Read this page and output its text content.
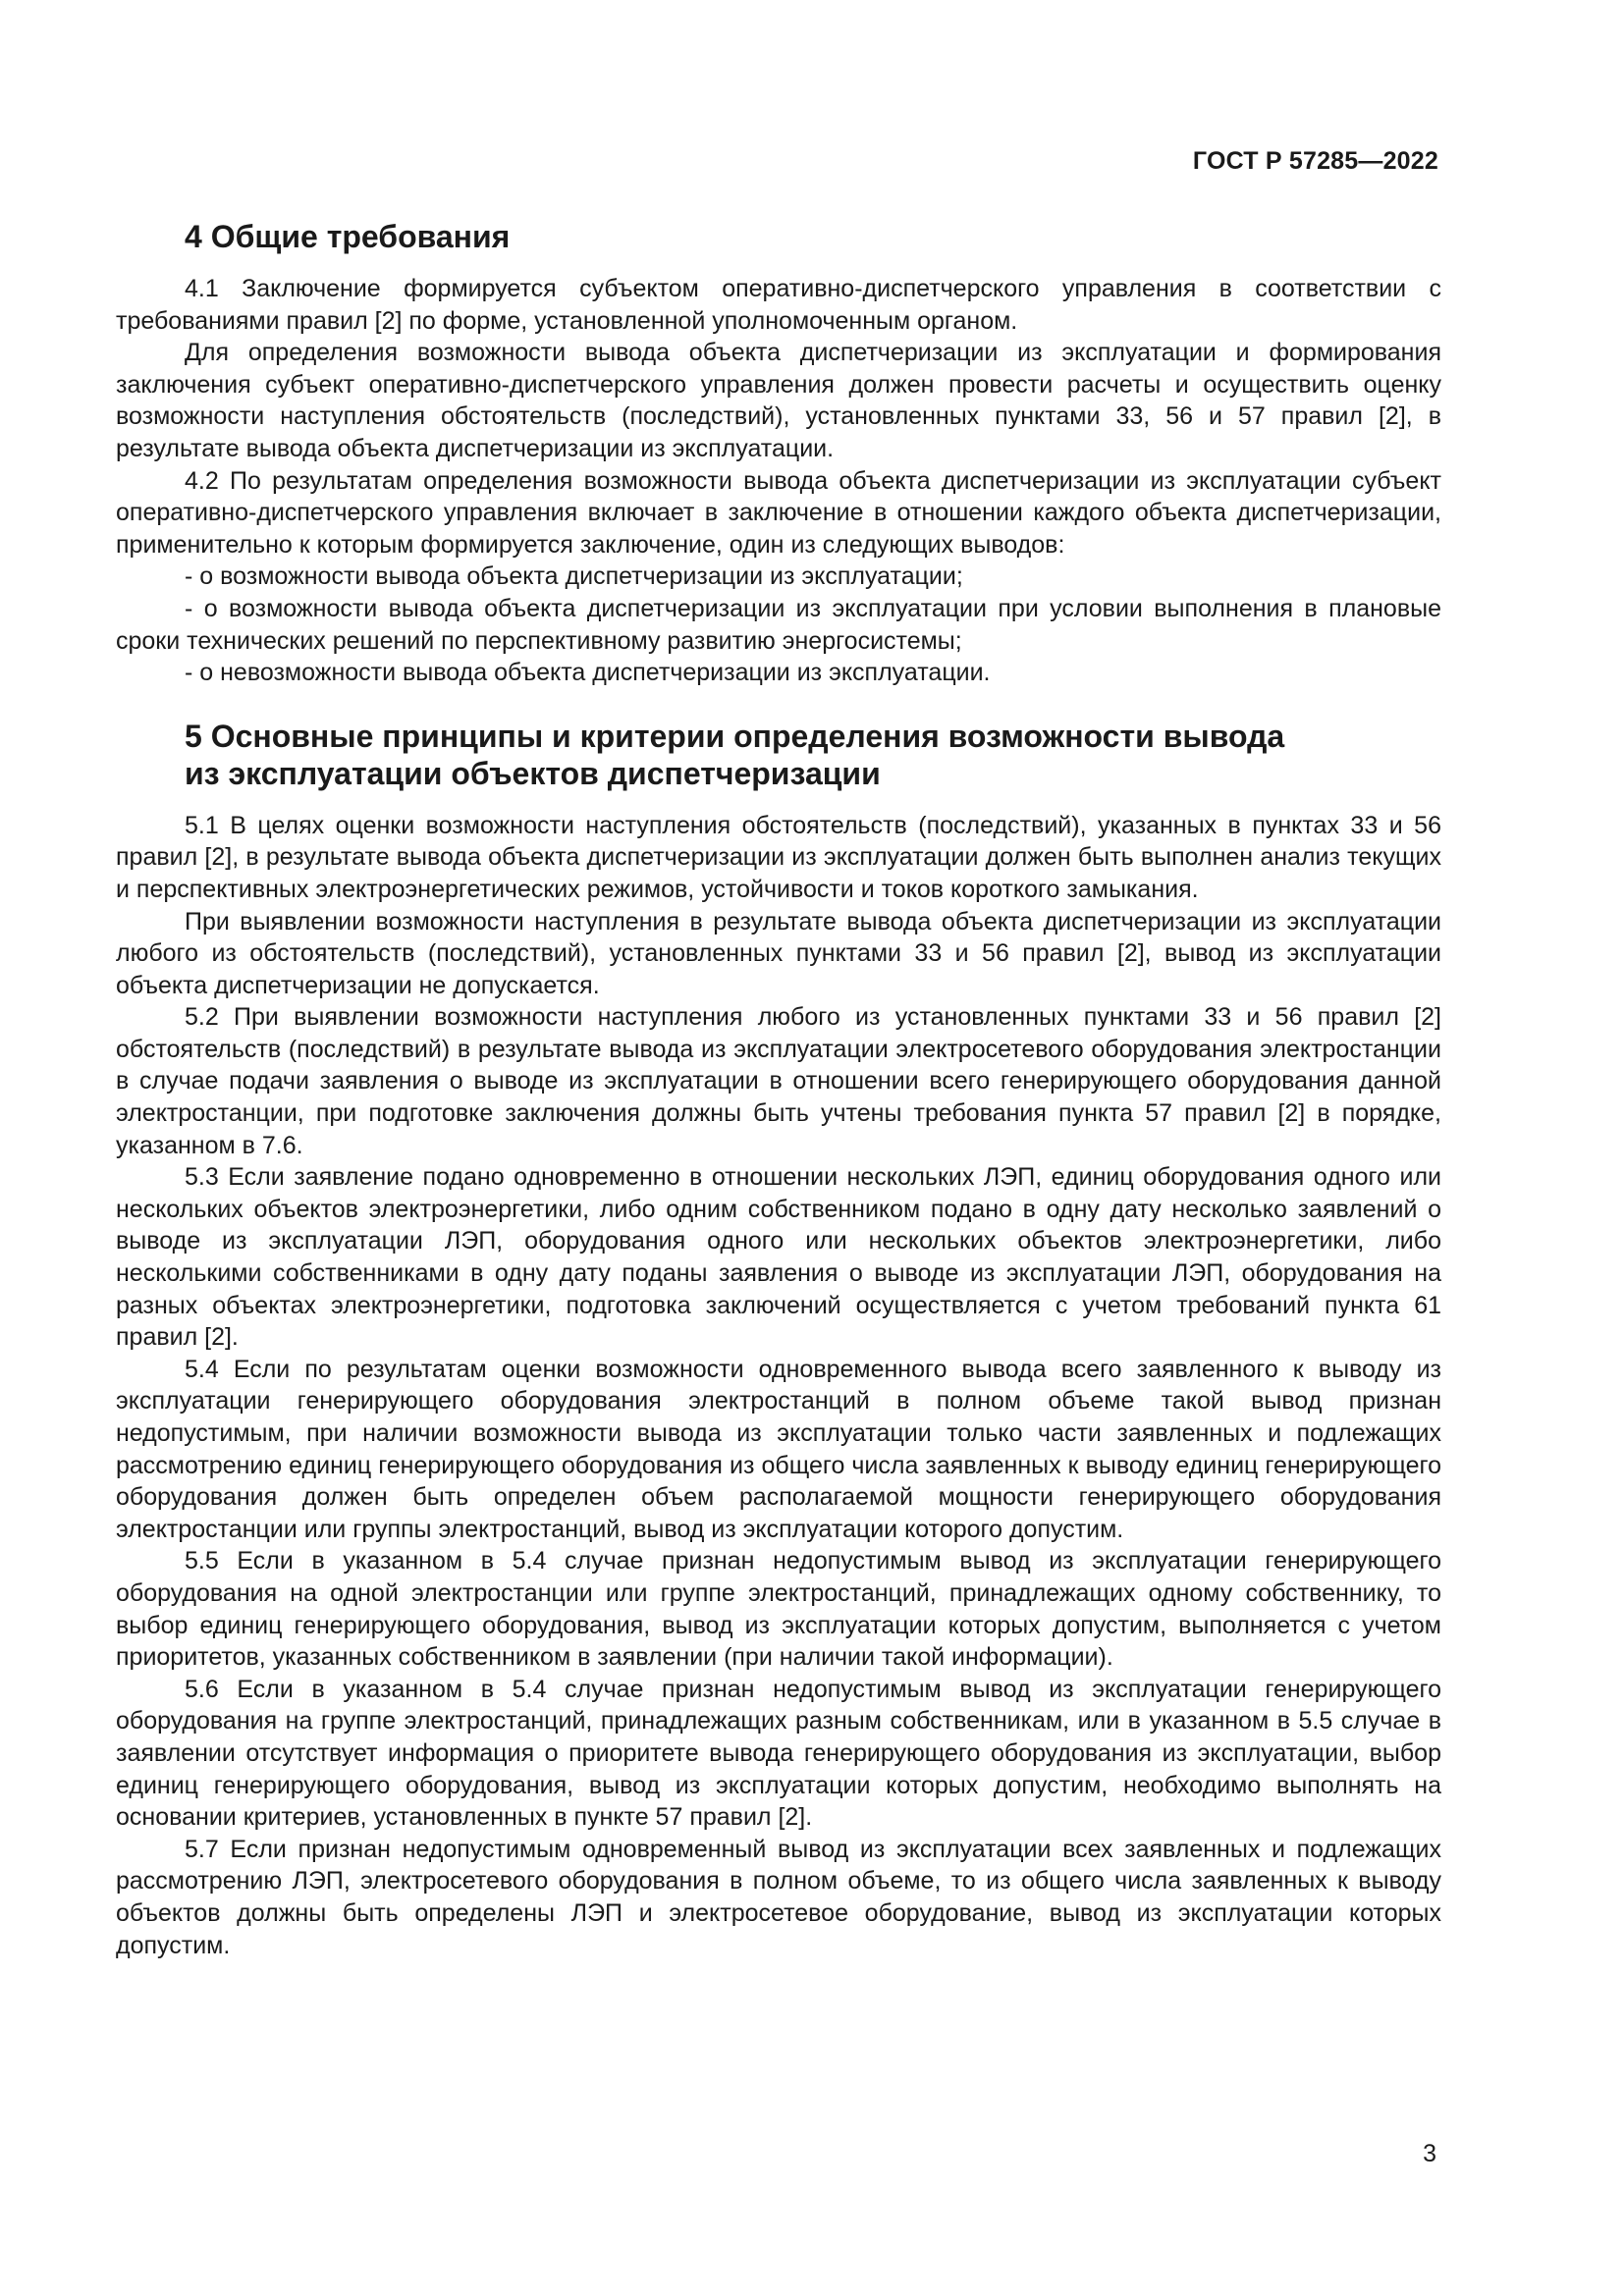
ГОСТ Р 57285—2022
4 Общие требования

4.1 Заключение формируется субъектом оперативно-диспетчерского управления в соответствии с требованиями правил [2] по форме, установленной уполномоченным органом.

Для определения возможности вывода объекта диспетчеризации из эксплуатации и формирования заключения субъект оперативно-диспетчерского управления должен провести расчеты и осуществить оценку возможности наступления обстоятельств (последствий), установленных пунктами 33, 56 и 57 правил [2], в результате вывода объекта диспетчеризации из эксплуатации.

4.2 По результатам определения возможности вывода объекта диспетчеризации из эксплуатации субъект оперативно-диспетчерского управления включает в заключение в отношении каждого объекта диспетчеризации, применительно к которым формируется заключение, один из следующих выводов:

- о возможности вывода объекта диспетчеризации из эксплуатации;

- о возможности вывода объекта диспетчеризации из эксплуатации при условии выполнения в плановые сроки технических решений по перспективному развитию энергосистемы;

- о невозможности вывода объекта диспетчеризации из эксплуатации.

5 Основные принципы и критерии определения возможности вывода
из эксплуатации объектов диспетчеризации

5.1 В целях оценки возможности наступления обстоятельств (последствий), указанных в пунктах 33 и 56 правил [2], в результате вывода объекта диспетчеризации из эксплуатации должен быть выполнен анализ текущих и перспективных электроэнергетических режимов, устойчивости и токов короткого замыкания.

При выявлении возможности наступления в результате вывода объекта диспетчеризации из эксплуатации любого из обстоятельств (последствий), установленных пунктами 33 и 56 правил [2], вывод из эксплуатации объекта диспетчеризации не допускается.

5.2 При выявлении возможности наступления любого из установленных пунктами 33 и 56 правил [2] обстоятельств (последствий) в результате вывода из эксплуатации электросетевого оборудования электростанции в случае подачи заявления о выводе из эксплуатации в отношении всего генерирующего оборудования данной электростанции, при подготовке заключения должны быть учтены требования пункта 57 правил [2] в порядке, указанном в 7.6.

5.3 Если заявление подано одновременно в отношении нескольких ЛЭП, единиц оборудования одного или нескольких объектов электроэнергетики, либо одним собственником подано в одну дату несколько заявлений о выводе из эксплуатации ЛЭП, оборудования одного или нескольких объектов электроэнергетики, либо несколькими собственниками в одну дату поданы заявления о выводе из эксплуатации ЛЭП, оборудования на разных объектах электроэнергетики, подготовка заключений осуществляется с учетом требований пункта 61 правил [2].

5.4 Если по результатам оценки возможности одновременного вывода всего заявленного к выводу из эксплуатации генерирующего оборудования электростанций в полном объеме такой вывод признан недопустимым, при наличии возможности вывода из эксплуатации только части заявленных и подлежащих рассмотрению единиц генерирующего оборудования из общего числа заявленных к выводу единиц генерирующего оборудования должен быть определен объем располагаемой мощности генерирующего оборудования электростанции или группы электростанций, вывод из эксплуатации которого допустим.

5.5 Если в указанном в 5.4 случае признан недопустимым вывод из эксплуатации генерирующего оборудования на одной электростанции или группе электростанций, принадлежащих одному собственнику, то выбор единиц генерирующего оборудования, вывод из эксплуатации которых допустим, выполняется с учетом приоритетов, указанных собственником в заявлении (при наличии такой информации).

5.6 Если в указанном в 5.4 случае признан недопустимым вывод из эксплуатации генерирующего оборудования на группе электростанций, принадлежащих разным собственникам, или в указанном в 5.5 случае в заявлении отсутствует информация о приоритете вывода генерирующего оборудования из эксплуатации, выбор единиц генерирующего оборудования, вывод из эксплуатации которых допустим, необходимо выполнять на основании критериев, установленных в пункте 57 правил [2].

5.7 Если признан недопустимым одновременный вывод из эксплуатации всех заявленных и подлежащих рассмотрению ЛЭП, электросетевого оборудования в полном объеме, то из общего числа заявленных к выводу объектов должны быть определены ЛЭП и электросетевое оборудование, вывод из эксплуатации которых допустим.

3
